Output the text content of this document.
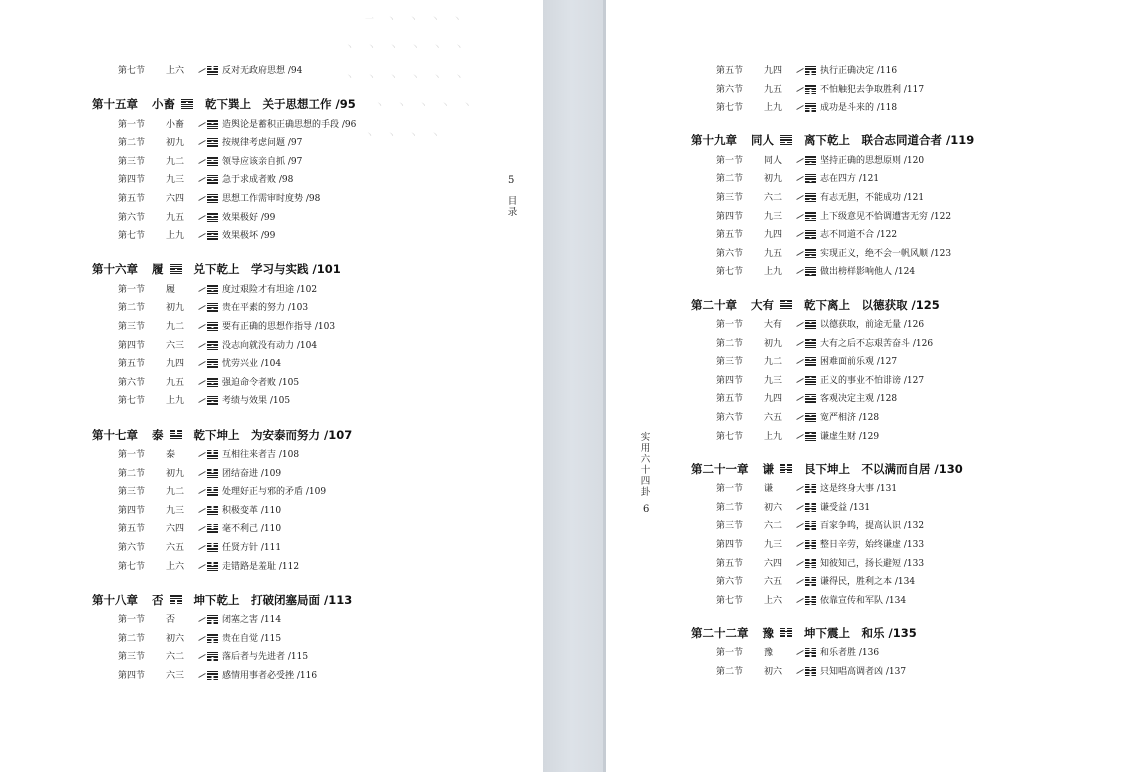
一 丶 丶 丶 丶
丶 丶 丶 丶 丶 丶
丶 丶 丶 丶 丶 丶
丶 丶 丶 丶 丶
丶 丶 丶 丶
第七节 上六	反对无政府思想 /94
第十五章 小畜	乾下巽上　关于思想工作 /95
第一节 小畜	造舆论是蓄积正确思想的手段 /96
第二节 初九	按规律考虑问题 /97
第三节 九二	领导应该亲自抓 /97
第四节 九三	急于求成者败 /98
第五节 六四	思想工作需审时度势 /98
第六节 九五	效果极好 /99
第七节 上九	效果极坏 /99
第十六章 履	兑下乾上　学习与实践 /101
第一节 履	度过艰险才有坦途 /102
第二节 初九	贵在平素的努力 /103
第三节 九二	要有正确的思想作指导 /103
第四节 六三	没志向就没有动力 /104
第五节 九四	忧劳兴业 /104
第六节 九五	强迫命令者败 /105
第七节 上九	考绩与效果 /105
第十七章 泰	乾下坤上　为安泰而努力 /107
第一节 泰	互相往来者吉 /108
第二节 初九	团结奋进 /109
第三节 九二	处理好正与邪的矛盾 /109
第四节 九三	积极变革 /110
第五节 六四	毫不利己 /110
第六节 六五	任贤方针 /111
第七节 上六	走错路是羞耻 /112
第十八章 否	坤下乾上　打破闭塞局面 /113
第一节 否	闭塞之害 /114
第二节 初六	贵在自觉 /115
第三节 六二	落后者与先进者 /115
第四节 六三	感情用事者必受挫 /116
5
目录
第五节 九四	执行正确决定 /116
第六节 九五	不怕触犯去争取胜利 /117
第七节 上九	成功是斗来的 /118
第十九章 同人	离下乾上　联合志同道合者 /119
第一节 同人	坚持正确的思想原则 /120
第二节 初九	志在四方 /121
第三节 六二	有志无胆，不能成功 /121
第四节 九三	上下级意见不恰调遭害无穷 /122
第五节 九四	志不同道不合 /122
第六节 九五	实现正义，绝不会一帆风顺 /123
第七节 上九	做出榜样影响他人 /124
第二十章 大有	乾下离上　以德获取 /125
第一节 大有	以德获取，前途无量 /126
第二节 初九	大有之后不忘艰苦奋斗 /126
第三节 九二	困难面前乐观 /127
第四节 九三	正义的事业不怕诽谤 /127
第五节 九四	客观决定主观 /128
第六节 六五	宽严相济 /128
第七节 上九	谦虚生财 /129
第二十一章 谦	艮下坤上　不以满而自居 /130
第一节 谦	这是终身大事 /131
第二节 初六	谦受益 /131
第三节 六二	百家争鸣，提高认识 /132
第四节 九三	整日辛劳，始终谦虚 /133
第五节 六四	知彼知己，扬长避短 /133
第六节 六五	谦得民，胜利之本 /134
第七节 上六	依靠宣传和军队 /134
第二十二章 豫	坤下震上　和乐 /135
第一节 豫	和乐者胜 /136
第二节 初六	只知唱高调者凶 /137
实用六十四卦
6
